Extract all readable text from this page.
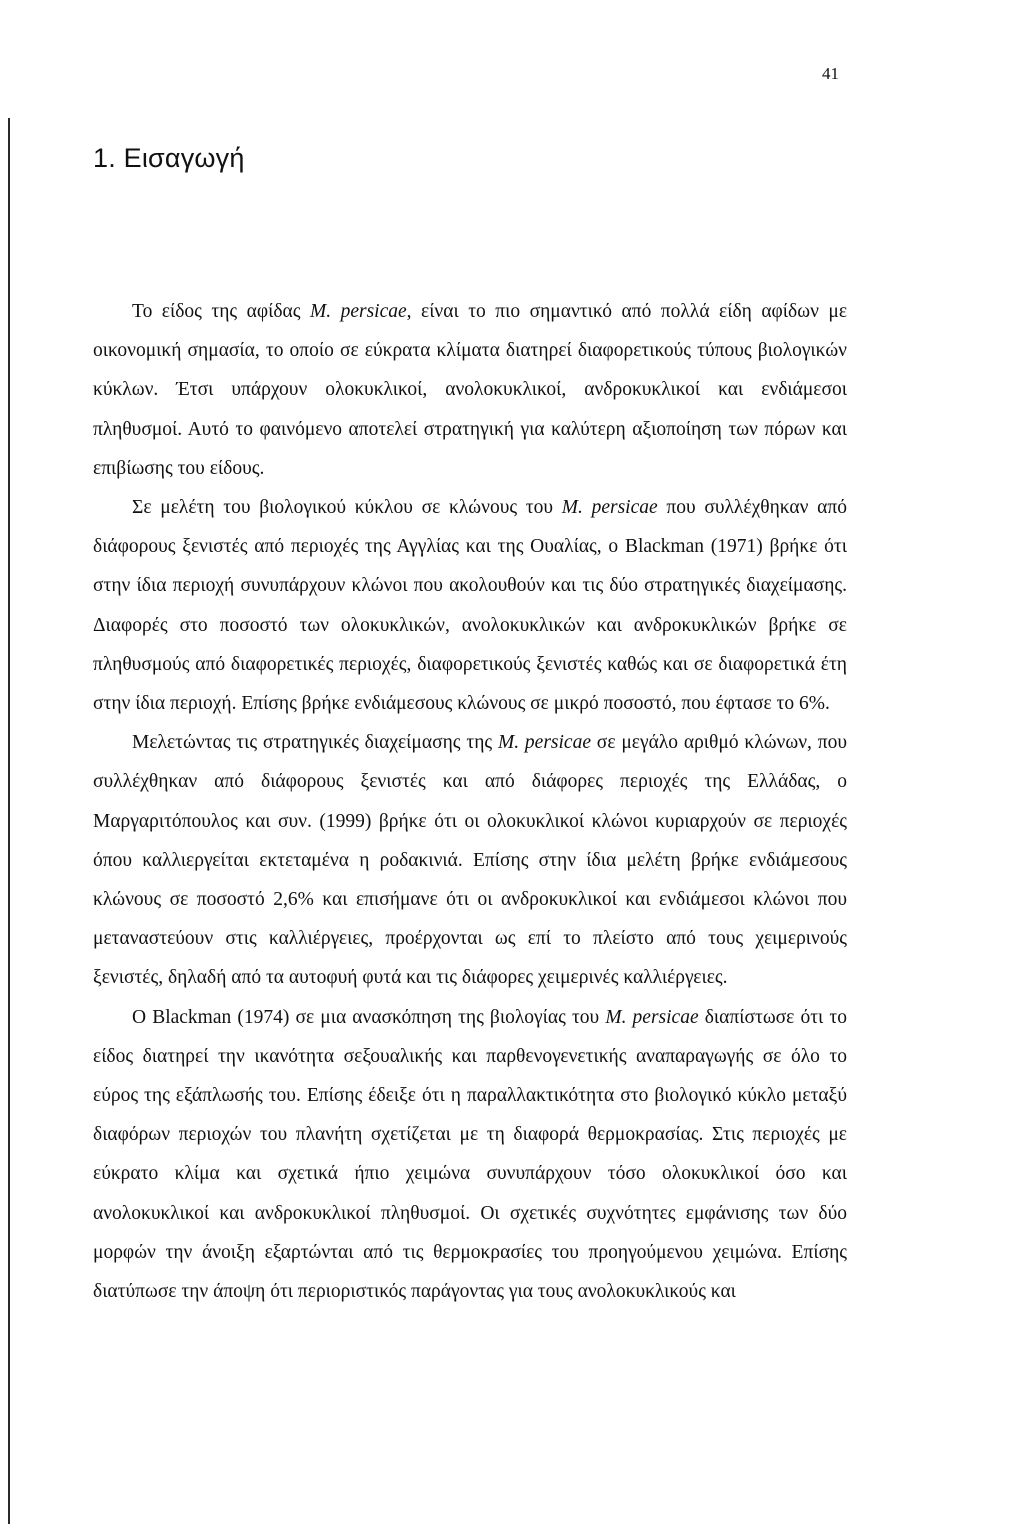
41
1. Εισαγωγή

Το είδος της αφίδας M. persicae, είναι το πιο σημαντικό από πολλά είδη αφίδων με οικονομική σημασία, το οποίο σε εύκρατα κλίματα διατηρεί διαφορετικούς τύπους βιολογικών κύκλων. Έτσι υπάρχουν ολοκυκλικοί, ανολοκυκλικοί, ανδροκυκλικοί και ενδιάμεσοι πληθυσμοί. Αυτό το φαινόμενο αποτελεί στρατηγική για καλύτερη αξιοποίηση των πόρων και επιβίωσης του είδους.

Σε μελέτη του βιολογικού κύκλου σε κλώνους του M. persicae που συλλέχθηκαν από διάφορους ξενιστές από περιοχές της Αγγλίας και της Ουαλίας, ο Blackman (1971) βρήκε ότι στην ίδια περιοχή συνυπάρχουν κλώνοι που ακολουθούν και τις δύο στρατηγικές διαχείμασης. Διαφορές στο ποσοστό των ολοκυκλικών, ανολοκυκλικών και ανδροκυκλικών βρήκε σε πληθυσμούς από διαφορετικές περιοχές, διαφορετικούς ξενιστές καθώς και σε διαφορετικά έτη στην ίδια περιοχή. Επίσης βρήκε ενδιάμεσους κλώνους σε μικρό ποσοστό, που έφτασε το 6%.

Μελετώντας τις στρατηγικές διαχείμασης της M. persicae σε μεγάλο αριθμό κλώνων, που συλλέχθηκαν από διάφορους ξενιστές και από διάφορες περιοχές της Ελλάδας, ο Μαργαριτόπουλος και συν. (1999) βρήκε ότι οι ολοκυκλικοί κλώνοι κυριαρχούν σε περιοχές όπου καλλιεργείται εκτεταμένα η ροδακινιά. Επίσης στην ίδια μελέτη βρήκε ενδιάμεσους κλώνους σε ποσοστό 2,6% και επισήμανε ότι οι ανδροκυκλικοί και ενδιάμεσοι κλώνοι που μεταναστεύουν στις καλλιέργειες, προέρχονται ως επί το πλείστο από τους χειμερινούς ξενιστές, δηλαδή από τα αυτοφυή φυτά και τις διάφορες χειμερινές καλλιέργειες.

Ο Blackman (1974) σε μια ανασκόπηση της βιολογίας του M. persicae διαπίστωσε ότι το είδος διατηρεί την ικανότητα σεξουαλικής και παρθενογενετικής αναπαραγωγής σε όλο το εύρος της εξάπλωσής του. Επίσης έδειξε ότι η παραλλακτικότητα στο βιολογικό κύκλο μεταξύ διαφόρων περιοχών του πλανήτη σχετίζεται με τη διαφορά θερμοκρασίας. Στις περιοχές με εύκρατο κλίμα και σχετικά ήπιο χειμώνα συνυπάρχουν τόσο ολοκυκλικοί όσο και ανολοκυκλικοί και ανδροκυκλικοί πληθυσμοί. Οι σχετικές συχνότητες εμφάνισης των δύο μορφών την άνοιξη εξαρτώνται από τις θερμοκρασίες του προηγούμενου χειμώνα. Επίσης διατύπωσε την άποψη ότι περιοριστικός παράγοντας για τους ανολοκυκλικούς και
